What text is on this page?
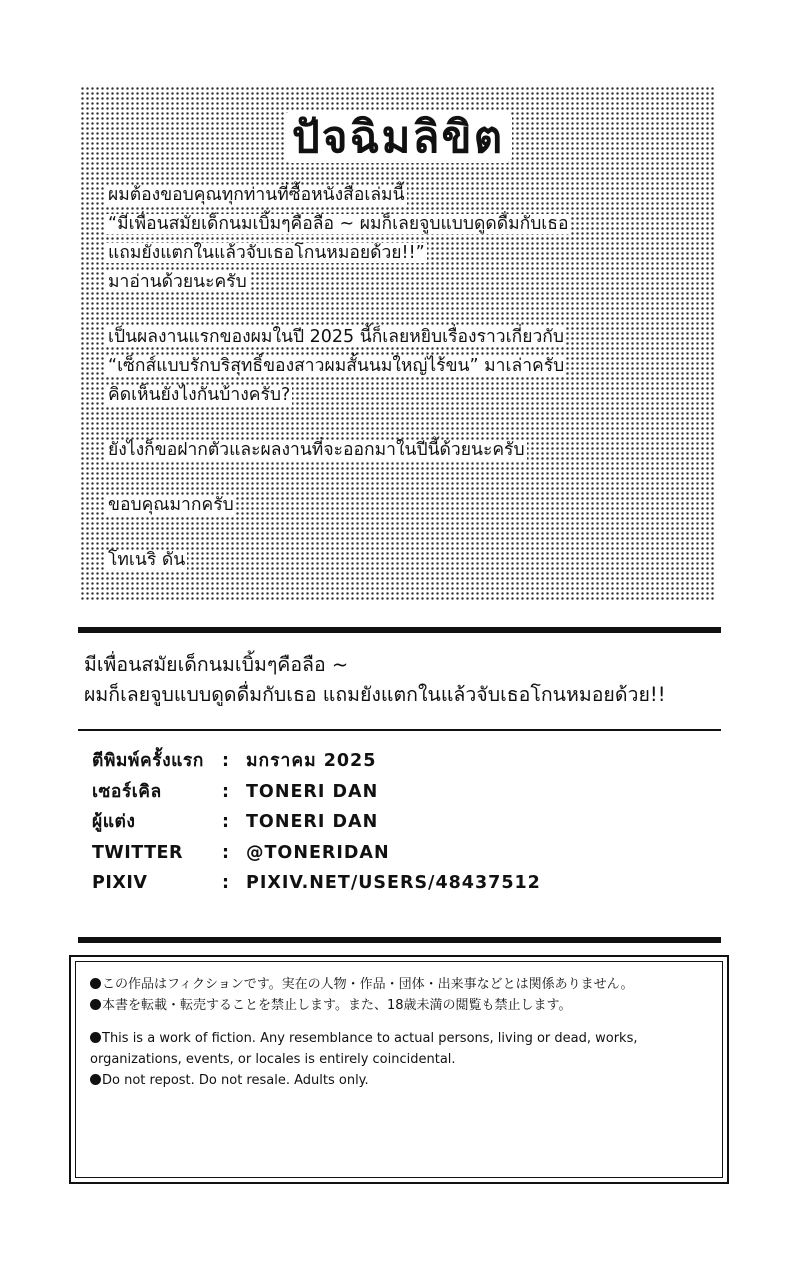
ปัจฉิมลิขิต
ผมต้องขอบคุณทุกท่านที่ซื้อหนังสือเล่มนี้
“มีเพื่อนสมัยเด็กนมเบิ้มๆคือลือ ~ ผมก็เลยจูบแบบดูดดื่มกับเธอ
แถมยังแตกในแล้วจับเธอโกนหมอยด้วย!!”
มาอ่านด้วยนะครับ
เป็นผลงานแรกของผมในปี 2025 นี้ก็เลยหยิบเรื่องราวเกี่ยวกับ
“เซ็กส์แบบรักบริสุทธิ์ของสาวผมสั้นนมใหญ่ไร้ขน” มาเล่าครับ
คิดเห็นยังไงกันบ้างครับ?
ยังไงก็ขอฝากตัวและผลงานที่จะออกมาในปีนี้ด้วยนะครับ
ขอบคุณมากครับ
โทเนริ ดัน
มีเพื่อนสมัยเด็กนมเบิ้มๆคือลือ ~
ผมก็เลยจูบแบบดูดดื่มกับเธอ แถมยังแตกในแล้วจับเธอโกนหมอยด้วย!!
ตีพิมพ์ครั้งแรก	: มกราคม 2025
เซอร์เคิล	: TONERI DAN
ผู้แต่ง	: TONERI DAN
TWITTER	: @TONERIDAN
PIXIV	: PIXIV.NET/USERS/48437512
この作品はフィクションです。実在の人物・作品・団体・出来事などとは関係ありません。
本書を転載・転売することを禁止します。また、18歳未満の閲覧も禁止します。
This is a work of fiction. Any resemblance to actual persons, living or dead, works,
organizations, events, or locales is entirely coincidental.
Do not repost. Do not resale. Adults only.
